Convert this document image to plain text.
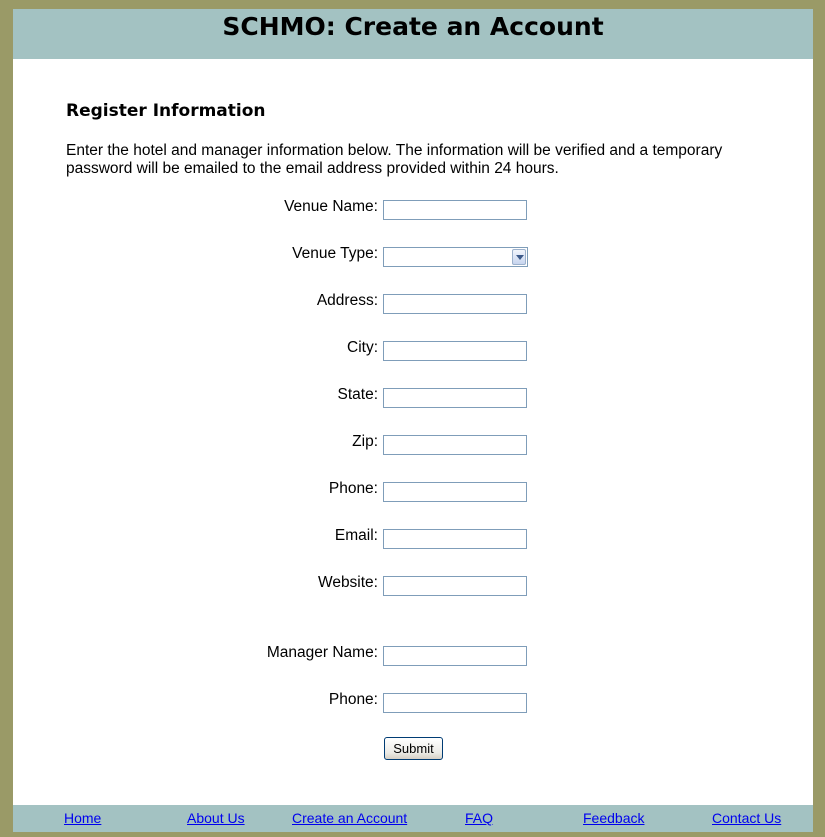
SCHMO: Create an Account
Register Information
Enter the hotel and manager information below. The information will be verified and a temporary password will be emailed to the email address provided within 24 hours.
Venue Name:
Venue Type:
Address:
City:
State:
Zip:
Phone:
Email:
Website:
Manager Name:
Phone:
Submit
Home	About Us	Create an Account	FAQ	Feedback	Contact Us
